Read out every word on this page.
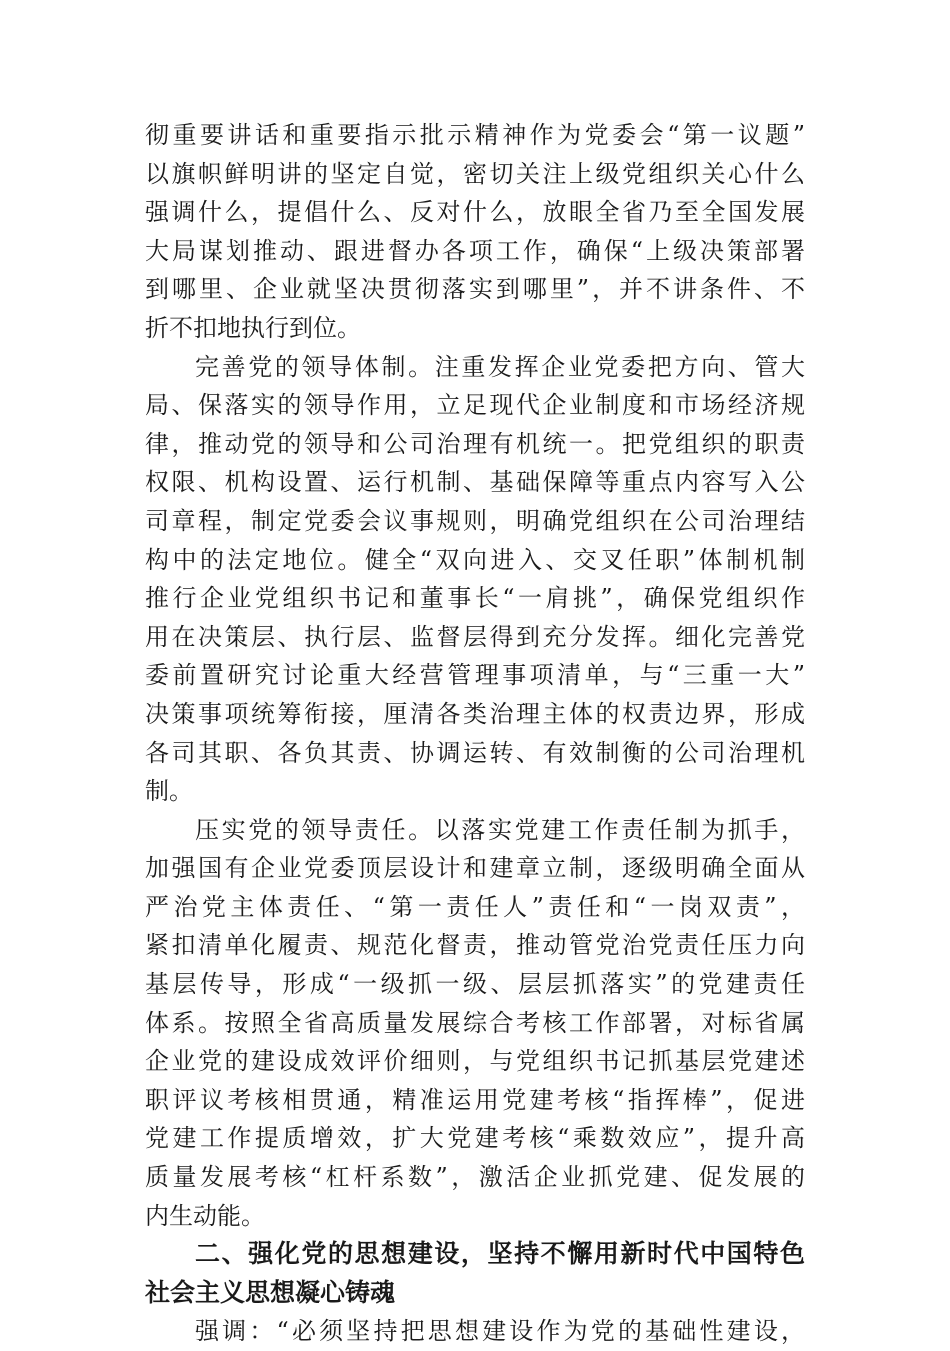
彻重要讲话和重要指示批示精神作为党委会“第一议题”
以旗帜鲜明讲的坚定自觉，密切关注上级党组织关心什么
强调什么，提倡什么、反对什么，放眼全省乃至全国发展
大局谋划推动、跟进督办各项工作，确保“上级决策部署
到哪里、企业就坚决贯彻落实到哪里”，并不讲条件、不
折不扣地执行到位。
完善党的领导体制。注重发挥企业党委把方向、管大
局、保落实的领导作用，立足现代企业制度和市场经济规
律，推动党的领导和公司治理有机统一。把党组织的职责
权限、机构设置、运行机制、基础保障等重点内容写入公
司章程，制定党委会议事规则，明确党组织在公司治理结
构中的法定地位。健全“双向进入、交叉任职”体制机制
推行企业党组织书记和董事长“一肩挑”，确保党组织作
用在决策层、执行层、监督层得到充分发挥。细化完善党
委前置研究讨论重大经营管理事项清单，与“三重一大”
决策事项统筹衔接，厘清各类治理主体的权责边界，形成
各司其职、各负其责、协调运转、有效制衡的公司治理机
制。
压实党的领导责任。以落实党建工作责任制为抓手，
加强国有企业党委顶层设计和建章立制，逐级明确全面从
严治党主体责任、“第一责任人”责任和“一岗双责”，
紧扣清单化履责、规范化督责，推动管党治党责任压力向
基层传导，形成“一级抓一级、层层抓落实”的党建责任
体系。按照全省高质量发展综合考核工作部署，对标省属
企业党的建设成效评价细则，与党组织书记抓基层党建述
职评议考核相贯通，精准运用党建考核“指挥棒”，促进
党建工作提质增效，扩大党建考核“乘数效应”，提升高
质量发展考核“杠杆系数”，激活企业抓党建、促发展的
内生动能。
二、强化党的思想建设，坚持不懈用新时代中国特色
社会主义思想凝心铸魂
强调：“必须坚持把思想建设作为党的基础性建设，
